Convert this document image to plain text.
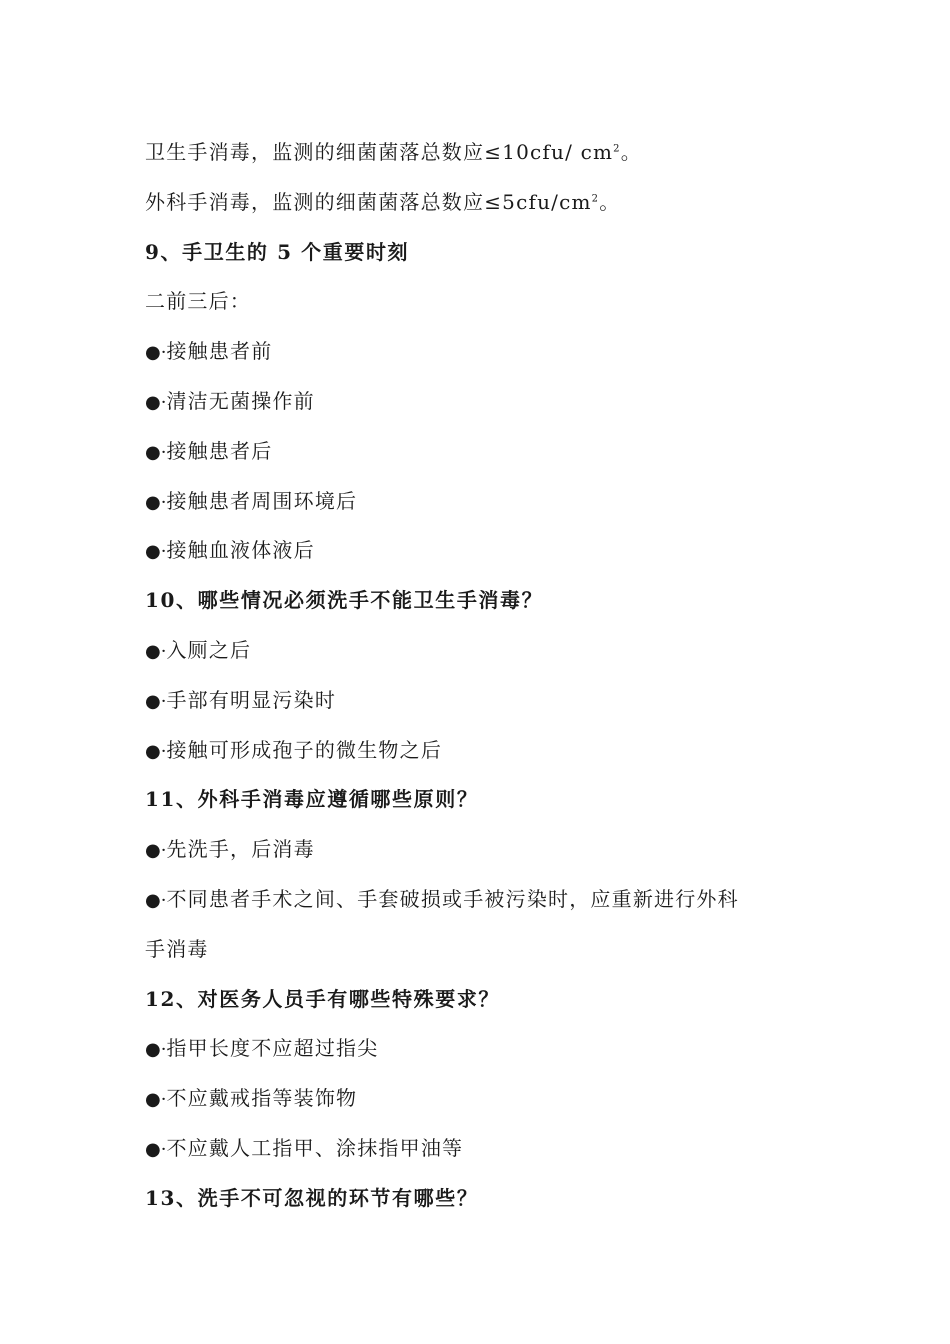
卫生手消毒，监测的细菌菌落总数应≤10cfu/ $cm^2$。
外科手消毒，监测的细菌菌落总数应$\le 5cfu/cm^2$。
9、手卫生的 5 个重要时刻
二前三后：
●·接触患者前
●·清洁无菌操作前
●·接触患者后
●·接触患者周围环境后
●·接触血液体液后
10、哪些情况必须洗手不能卫生手消毒？
●·入厕之后
●·手部有明显污染时
●·接触可形成孢子的微生物之后
11、外科手消毒应遵循哪些原则？
●·先洗手，后消毒
●·不同患者手术之间、手套破损或手被污染时，应重新进行外科
手消毒
12、对医务人员手有哪些特殊要求？
●·指甲长度不应超过指尖
●·不应戴戒指等装饰物
●·不应戴人工指甲、涂抹指甲油等
13、洗手不可忽视的环节有哪些？
